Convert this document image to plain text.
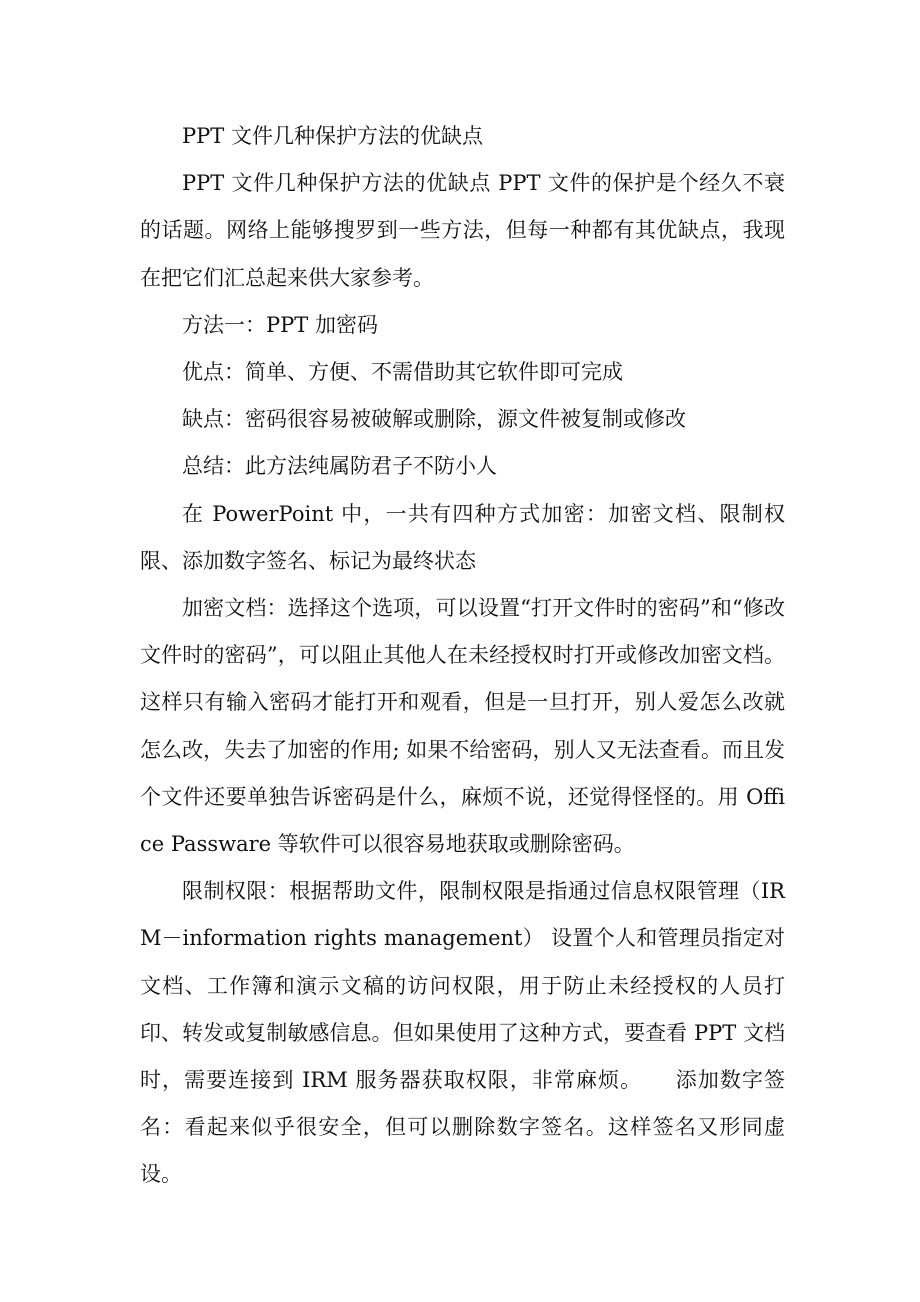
PPT 文件几种保护方法的优缺点

PPT 文件几种保护方法的优缺点 PPT 文件的保护是个经久不衰的话题。网络上能够搜罗到一些方法，但每一种都有其优缺点，我现在把它们汇总起来供大家参考。

方法一：PPT 加密码

优点：简单、方便、不需借助其它软件即可完成

缺点：密码很容易被破解或删除，源文件被复制或修改

总结：此方法纯属防君子不防小人

在 PowerPoint 中，一共有四种方式加密：加密文档、限制权限、添加数字签名、标记为最终状态

加密文档：选择这个选项，可以设置“打开文件时的密码”和“修改文件时的密码”，可以阻止其他人在未经授权时打开或修改加密文档。这样只有输入密码才能打开和观看，但是一旦打开，别人爱怎么改就怎么改，失去了加密的作用; 如果不给密码，别人又无法查看。而且发个文件还要单独告诉密码是什么，麻烦不说，还觉得怪怪的。用 Office Passware 等软件可以很容易地获取或删除密码。

限制权限：根据帮助文件，限制权限是指通过信息权限管理（IRM－information rights management） 设置个人和管理员指定对文档、工作簿和演示文稿的访问权限，用于防止未经授权的人员打印、转发或复制敏感信息。但如果使用了这种方式，要查看 PPT 文档时，需要连接到 IRM 服务器获取权限，非常麻烦。　　添加数字签名：看起来似乎很安全，但可以删除数字签名。这样签名又形同虚设。
